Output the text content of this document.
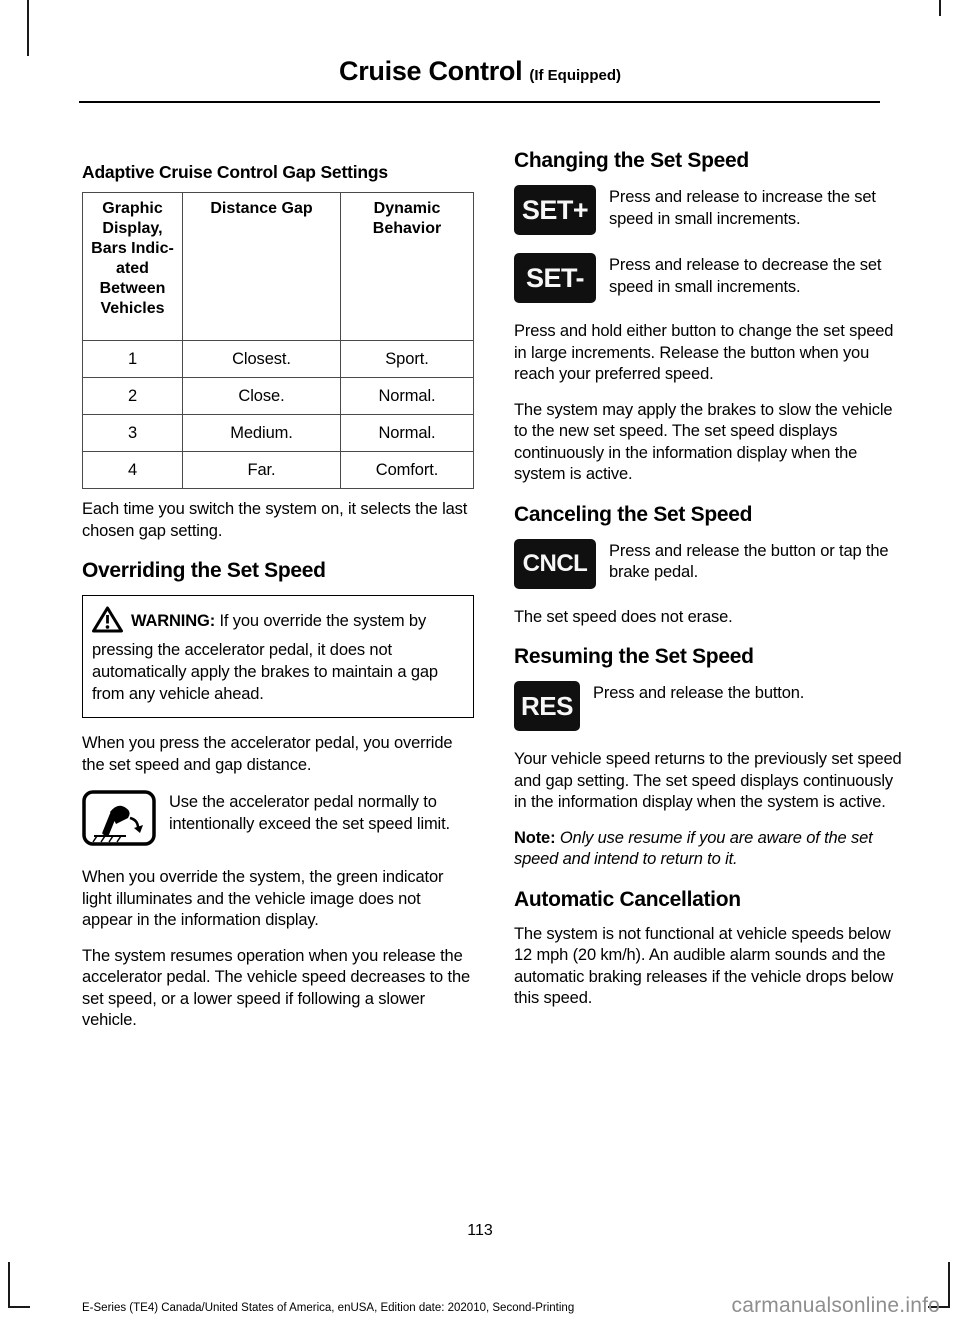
Cruise Control (If Equipped)
Adaptive Cruise Control Gap Settings
Graphic Display, Bars Indic-ated Between Vehicles	Distance Gap	Dynamic Behavior
1	Closest.	Sport.
2	Close.	Normal.
3	Medium.	Normal.
4	Far.	Comfort.

Each time you switch the system on, it selects the last chosen gap setting.

Overriding the Set Speed
WARNING: If you override the system by pressing the accelerator pedal, it does not automatically apply the brakes to maintain a gap from any vehicle ahead.

When you press the accelerator pedal, you override the set speed and gap distance.

Use the accelerator pedal normally to intentionally exceed the set speed limit.

When you override the system, the green indicator light illuminates and the vehicle image does not appear in the information display.

The system resumes operation when you release the accelerator pedal. The vehicle speed decreases to the set speed, or a lower speed if following a slower vehicle.

Changing the Set Speed
SET+	Press and release to increase the set speed in small increments.
SET-	Press and release to decrease the set speed in small increments.

Press and hold either button to change the set speed in large increments. Release the button when you reach your preferred speed.

The system may apply the brakes to slow the vehicle to the new set speed. The set speed displays continuously in the information display when the system is active.

Canceling the Set Speed
CNCL	Press and release the button or tap the brake pedal.

The set speed does not erase.

Resuming the Set Speed
RES	Press and release the button.

Your vehicle speed returns to the previously set speed and gap setting. The set speed displays continuously in the information display when the system is active.

Note: Only use resume if you are aware of the set speed and intend to return to it.

Automatic Cancellation

The system is not functional at vehicle speeds below 12 mph (20 km/h). An audible alarm sounds and the automatic braking releases if the vehicle drops below this speed.

113
E-Series (TE4) Canada/United States of America, enUSA, Edition date: 202010, Second-Printing	carmanualsonline.info
